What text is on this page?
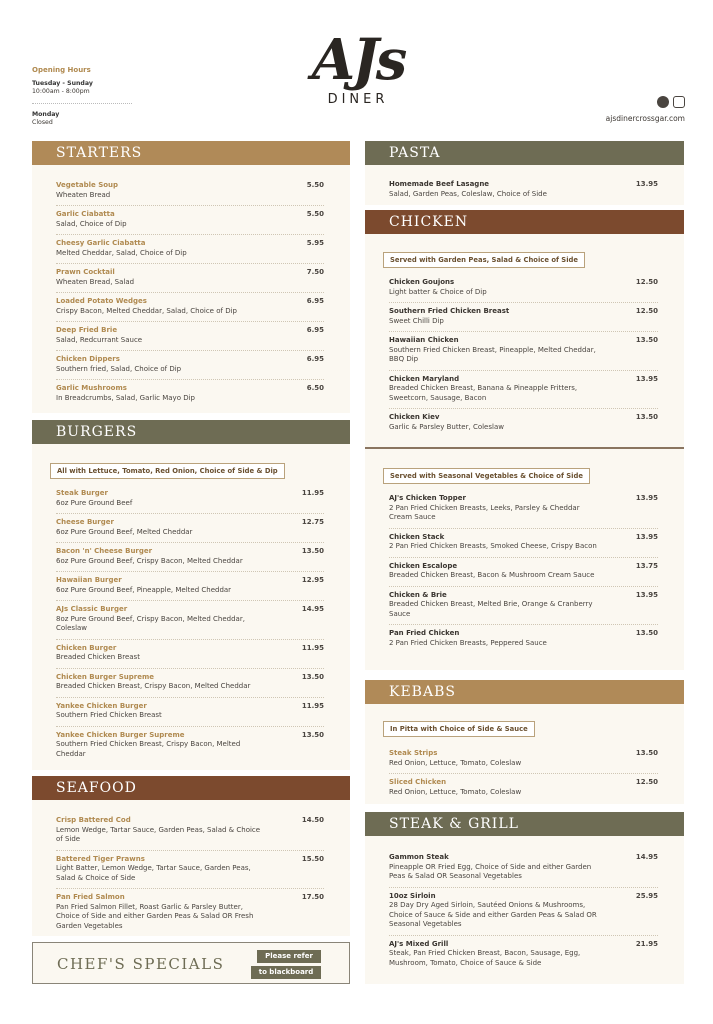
Opening Hours
Tuesday - Sunday
10:00am - 8:00pm
Monday
Closed
AJs
DINER
ajsdinercrossgar.com
STARTERS
Vegetable Soup
Wheaten Bread
5.50
Garlic Ciabatta
Salad, Choice of Dip
5.50
Cheesy Garlic Ciabatta
Melted Cheddar, Salad, Choice of Dip
5.95
Prawn Cocktail
Wheaten Bread, Salad
7.50
Loaded Potato Wedges
Crispy Bacon, Melted Cheddar, Salad, Choice of Dip
6.95
Deep Fried Brie
Salad, Redcurrant Sauce
6.95
Chicken Dippers
Southern fried, Salad, Choice of Dip
6.95
Garlic Mushrooms
In Breadcrumbs, Salad, Garlic Mayo Dip
6.50
BURGERS
All with Lettuce, Tomato, Red Onion, Choice of Side & Dip
Steak Burger
6oz Pure Ground Beef
11.95
Cheese Burger
6oz Pure Ground Beef, Melted Cheddar
12.75
Bacon 'n' Cheese Burger
6oz Pure Ground Beef, Crispy Bacon, Melted Cheddar
13.50
Hawaiian Burger
6oz Pure Ground Beef, Pineapple, Melted Cheddar
12.95
AJs Classic Burger
8oz Pure Ground Beef, Crispy Bacon, Melted Cheddar, Coleslaw
14.95
Chicken Burger
Breaded Chicken Breast
11.95
Chicken Burger Supreme
Breaded Chicken Breast, Crispy Bacon, Melted Cheddar
13.50
Yankee Chicken Burger
Southern Fried Chicken Breast
11.95
Yankee Chicken Burger Supreme
Southern Fried Chicken Breast, Crispy Bacon, Melted Cheddar
13.50
SEAFOOD
Crisp Battered Cod
Lemon Wedge, Tartar Sauce, Garden Peas, Salad & Choice of Side
14.50
Battered Tiger Prawns
Light Batter, Lemon Wedge, Tartar Sauce, Garden Peas, Salad & Choice of Side
15.50
Pan Fried Salmon
Pan Fried Salmon Fillet, Roast Garlic & Parsley Butter, Choice of Side and either Garden Peas & Salad OR Fresh Garden Vegetables
17.50
CHEF'S SPECIALS	Please refer
to blackboard
PASTA
Homemade Beef Lasagne
Salad, Garden Peas, Coleslaw, Choice of Side
13.95
CHICKEN
Served with Garden Peas, Salad & Choice of Side
Chicken Goujons
Light batter & Choice of Dip
12.50
Southern Fried Chicken Breast
Sweet Chilli Dip
12.50
Hawaiian Chicken
Southern Fried Chicken Breast, Pineapple, Melted Cheddar, BBQ Dip
13.50
Chicken Maryland
Breaded Chicken Breast, Banana & Pineapple Fritters, Sweetcorn, Sausage, Bacon
13.95
Chicken Kiev
Garlic & Parsley Butter, Coleslaw
13.50
Served with Seasonal Vegetables & Choice of Side
AJ's Chicken Topper
2 Pan Fried Chicken Breasts, Leeks, Parsley & Cheddar Cream Sauce
13.95
Chicken Stack
2 Pan Fried Chicken Breasts, Smoked Cheese, Crispy Bacon
13.95
Chicken Escalope
Breaded Chicken Breast, Bacon & Mushroom Cream Sauce
13.75
Chicken & Brie
Breaded Chicken Breast, Melted Brie, Orange & Cranberry Sauce
13.95
Pan Fried Chicken
2 Pan Fried Chicken Breasts, Peppered Sauce
13.50
KEBABS
In Pitta with Choice of Side & Sauce
Steak Strips
Red Onion, Lettuce, Tomato, Coleslaw
13.50
Sliced Chicken
Red Onion, Lettuce, Tomato, Coleslaw
12.50
STEAK & GRILL
Gammon Steak
Pineapple OR Fried Egg, Choice of Side and either Garden Peas & Salad OR Seasonal Vegetables
14.95
10oz Sirloin
28 Day Dry Aged Sirloin, Sautéed Onions & Mushrooms, Choice of Sauce & Side and either Garden Peas & Salad OR Seasonal Vegetables
25.95
AJ's Mixed Grill
Steak, Pan Fried Chicken Breast, Bacon, Sausage, Egg, Mushroom, Tomato, Choice of Sauce & Side
21.95
